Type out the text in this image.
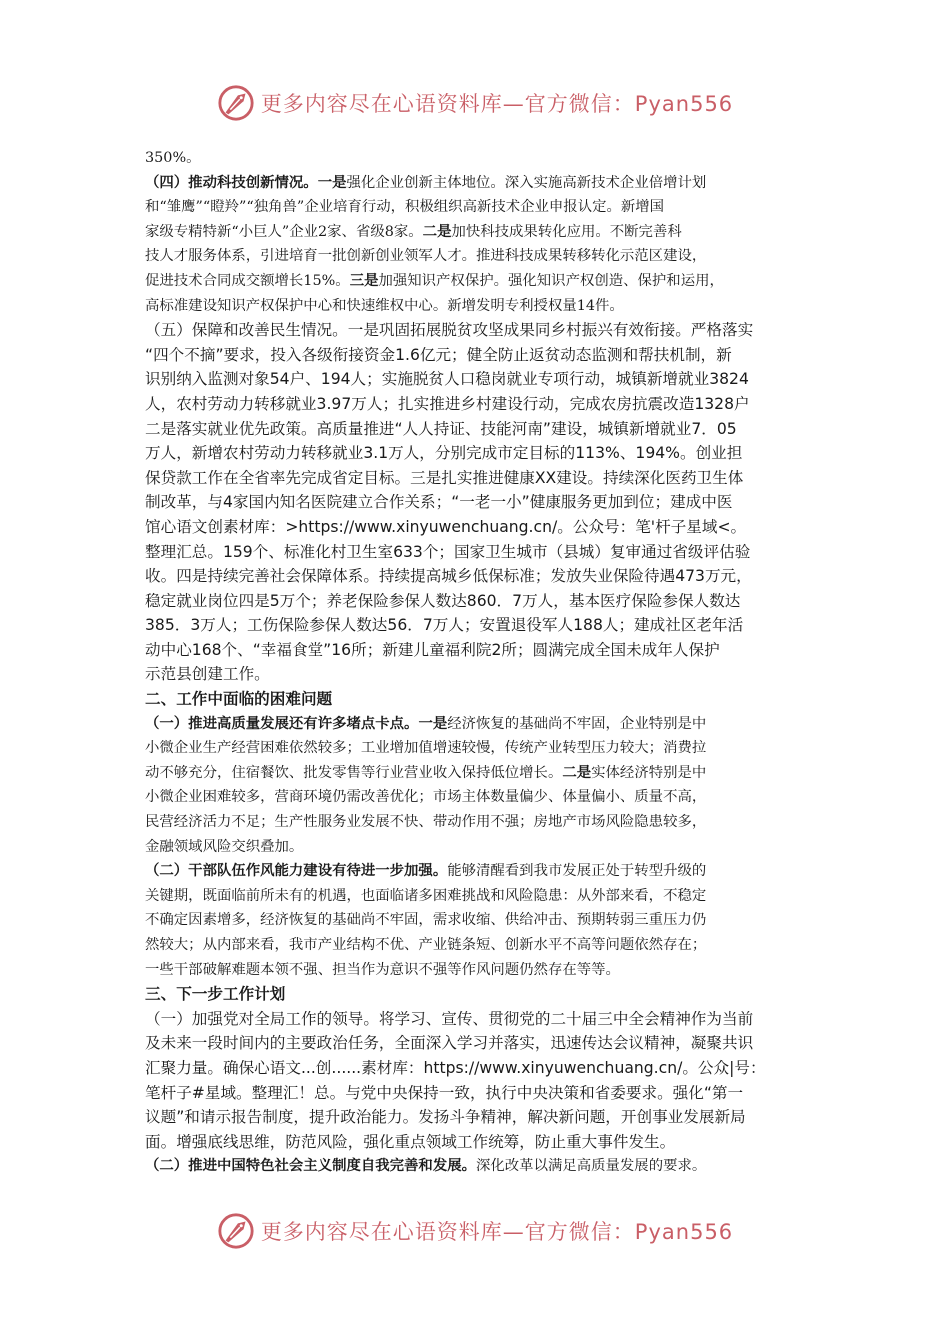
更多内容尽在心语资料库—官方微信：Pyan556
350%。
（四）推动科技创新情况。一是强化企业创新主体地位。深入实施高新技术企业倍增计划
和“雏鹰”“瞪羚”“独角兽”企业培育行动，积极组织高新技术企业申报认定。新增国
家级专精特新“小巨人”企业2家、省级8家。二是加快科技成果转化应用。不断完善科
技人才服务体系，引进培育一批创新创业领军人才。推进科技成果转移转化示范区建设，
促进技术合同成交额增长15%。三是加强知识产权保护。强化知识产权创造、保护和运用，
高标准建设知识产权保护中心和快速维权中心。新增发明专利授权量14件。
（五）保障和改善民生情况。一是巩固拓展脱贫攻坚成果同乡村振兴有效衔接。严格落实
“四个不摘”要求，投入各级衔接资金1.6亿元；健全防止返贫动态监测和帮扶机制，新
识别纳入监测对象54户、194人；实施脱贫人口稳岗就业专项行动，城镇新增就业3824
人，农村劳动力转移就业3.97万人；扎实推进乡村建设行动，完成农房抗震改造1328户
二是落实就业优先政策。高质量推进“人人持证、技能河南”建设，城镇新增就业7．05
万人，新增农村劳动力转移就业3.1万人，分别完成市定目标的113%、194%。创业担
保贷款工作在全省率先完成省定目标。三是扎实推进健康XX建设。持续深化医药卫生体
制改革，与4家国内知名医院建立合作关系；“一老一小”健康服务更加到位；建成中医
馆心语文创素材库：>https://www.xinyuwenchuang.cn/。公众号：笔'杆子星域<。
整理汇总。159个、标准化村卫生室633个；国家卫生城市（县城）复审通过省级评估验
收。四是持续完善社会保障体系。持续提高城乡低保标准；发放失业保险待遇473万元，
稳定就业岗位四是5万个；养老保险参保人数达860．7万人，基本医疗保险参保人数达
385．3万人；工伤保险参保人数达56．7万人；安置退役军人188人；建成社区老年活
动中心168个、“幸福食堂”16所；新建儿童福利院2所；圆满完成全国未成年人保护
示范县创建工作。
二、工作中面临的困难问题
（一）推进高质量发展还有许多堵点卡点。一是经济恢复的基础尚不牢固，企业特别是中
小微企业生产经营困难依然较多；工业增加值增速较慢，传统产业转型压力较大；消费拉
动不够充分，住宿餐饮、批发零售等行业营业收入保持低位增长。二是实体经济特别是中
小微企业困难较多，营商环境仍需改善优化；市场主体数量偏少、体量偏小、质量不高，
民营经济活力不足；生产性服务业发展不快、带动作用不强；房地产市场风险隐患较多，
金融领域风险交织叠加。
（二）干部队伍作风能力建设有待进一步加强。能够清醒看到我市发展正处于转型升级的
关键期，既面临前所未有的机遇，也面临诸多困难挑战和风险隐患：从外部来看，不稳定
不确定因素增多，经济恢复的基础尚不牢固，需求收缩、供给冲击、预期转弱三重压力仍
然较大；从内部来看，我市产业结构不优、产业链条短、创新水平不高等问题依然存在；
一些干部破解难题本领不强、担当作为意识不强等作风问题仍然存在等等。
三、下一步工作计划
（一）加强党对全局工作的领导。将学习、宣传、贯彻党的二十届三中全会精神作为当前
及未来一段时间内的主要政治任务，全面深入学习并落实，迅速传达会议精神，凝聚共识
汇聚力量。确保心语文...创......素材库：https://www.xinyuwenchuang.cn/。公众|号：
笔杆子#星域。整理汇！总。与党中央保持一致，执行中央决策和省委要求。强化“第一
议题”和请示报告制度，提升政治能力。发扬斗争精神，解决新问题，开创事业发展新局
面。增强底线思维，防范风险，强化重点领域工作统筹，防止重大事件发生。
（二）推进中国特色社会主义制度自我完善和发展。深化改革以满足高质量发展的要求。
更多内容尽在心语资料库—官方微信：Pyan556
